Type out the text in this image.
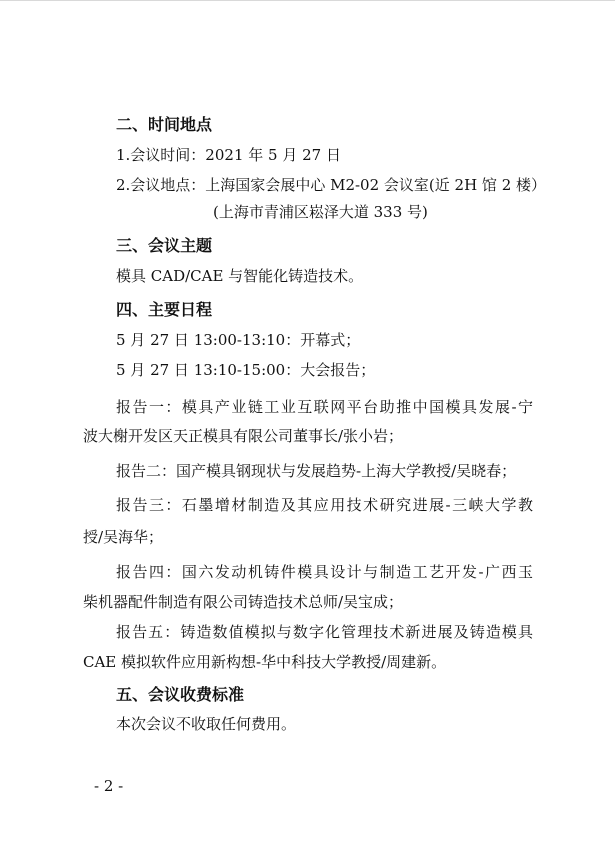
二、时间地点
1.会议时间：2021 年 5 月 27 日
2.会议地点：上海国家会展中心 M2-02 会议室(近 2H 馆 2 楼）
(上海市青浦区崧泽大道 333 号)
三、会议主题
模具 CAD/CAE 与智能化铸造技术。
四、主要日程
5 月 27 日 13:00-13:10：开幕式；
5 月 27 日 13:10-15:00：大会报告；
报告一：模具产业链工业互联网平台助推中国模具发展-宁
波大榭开发区天正模具有限公司董事长/张小岩；
报告二：国产模具钢现状与发展趋势-上海大学教授/吴晓春；
报告三：石墨增材制造及其应用技术研究进展-三峡大学教
授/吴海华；
报告四：国六发动机铸件模具设计与制造工艺开发-广西玉
柴机器配件制造有限公司铸造技术总师/吴宝成；
报告五：铸造数值模拟与数字化管理技术新进展及铸造模具
CAE 模拟软件应用新构想-华中科技大学教授/周建新。
五、会议收费标准
本次会议不收取任何费用。
- 2 -
